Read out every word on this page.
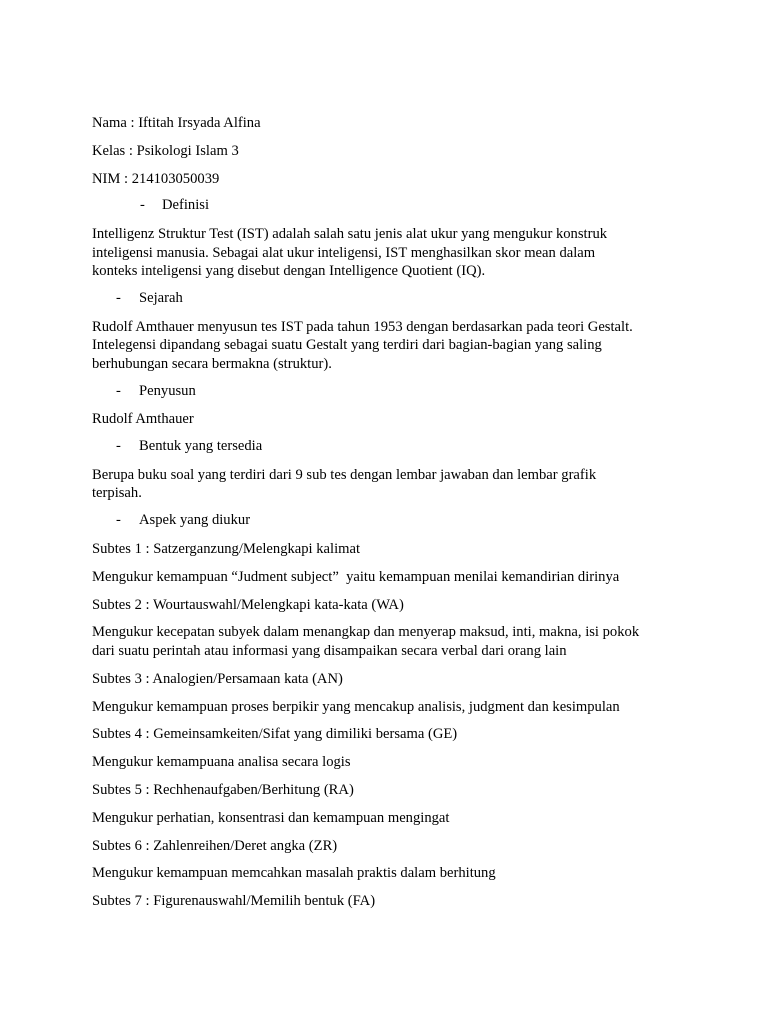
Nama : Iftitah Irsyada Alfina

Kelas : Psikologi Islam 3

NIM : 214103050039

- Definisi

Intelligenz Struktur Test (IST) adalah salah satu jenis alat ukur yang mengukur konstruk

inteligensi manusia. Sebagai alat ukur inteligensi, IST menghasilkan skor mean dalam

konteks inteligensi yang disebut dengan Intelligence Quotient (IQ).

- Sejarah

Rudolf Amthauer menyusun tes IST pada tahun 1953 dengan berdasarkan pada teori Gestalt.

Intelegensi dipandang sebagai suatu Gestalt yang terdiri dari bagian-bagian yang saling

berhubungan secara bermakna (struktur).

- Penyusun

Rudolf Amthauer

- Bentuk yang tersedia

Berupa buku soal yang terdiri dari 9 sub tes dengan lembar jawaban dan lembar grafik

terpisah.

- Aspek yang diukur

Subtes 1 : Satzerganzung/Melengkapi kalimat

Mengukur kemampuan “Judment subject”  yaitu kemampuan menilai kemandirian dirinya

Subtes 2 : Wourtauswahl/Melengkapi kata-kata (WA)

Mengukur kecepatan subyek dalam menangkap dan menyerap maksud, inti, makna, isi pokok

dari suatu perintah atau informasi yang disampaikan secara verbal dari orang lain

Subtes 3 : Analogien/Persamaan kata (AN)

Mengukur kemampuan proses berpikir yang mencakup analisis, judgment dan kesimpulan

Subtes 4 : Gemeinsamkeiten/Sifat yang dimiliki bersama (GE)

Mengukur kemampuana analisa secara logis

Subtes 5 : Rechhenaufgaben/Berhitung (RA)

Mengukur perhatian, konsentrasi dan kemampuan mengingat

Subtes 6 : Zahlenreihen/Deret angka (ZR)

Mengukur kemampuan memcahkan masalah praktis dalam berhitung

Subtes 7 : Figurenauswahl/Memilih bentuk (FA)
